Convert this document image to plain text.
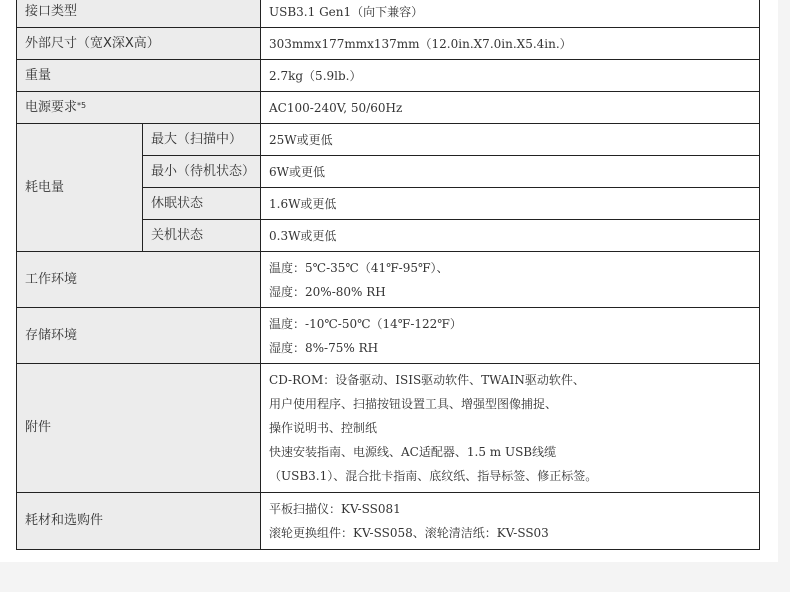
接口类型		USB3.1 Gen1（向下兼容）
外部尺寸（宽X深X高）		303mmx177mmx137mm（12.0in.X7.0in.X5.4in.）
重量		2.7kg（5.9lb.）
电源要求$^{*5}$		AC100-240V, 50/60Hz
耗电量	最大（扫描中）	25W或更低
	最小（待机状态）	6W或更低
	休眠状态	1.6W或更低
	关机状态	0.3W或更低
工作环境		温度：5℃-35℃（41℉-95℉）、
湿度：20%-80% RH

存储环境		温度：-10℃-50℃（14℉-122℉）
湿度：8%-75% RH

附件		CD-ROM：设备驱动、ISIS驱动软件、TWAIN驱动软件、
用户使用程序、扫描按钮设置工具、增强型图像捕捉、
操作说明书、控制纸
快速安装指南、电源线、AC适配器、1.5 m USB线缆
（USB3.1）、混合批卡指南、底纹纸、指导标签、修正标签。

耗材和选购件		平板扫描仪：KV-SS081
滚轮更换组件：KV-SS058、滚轮清洁纸：KV-SS03
